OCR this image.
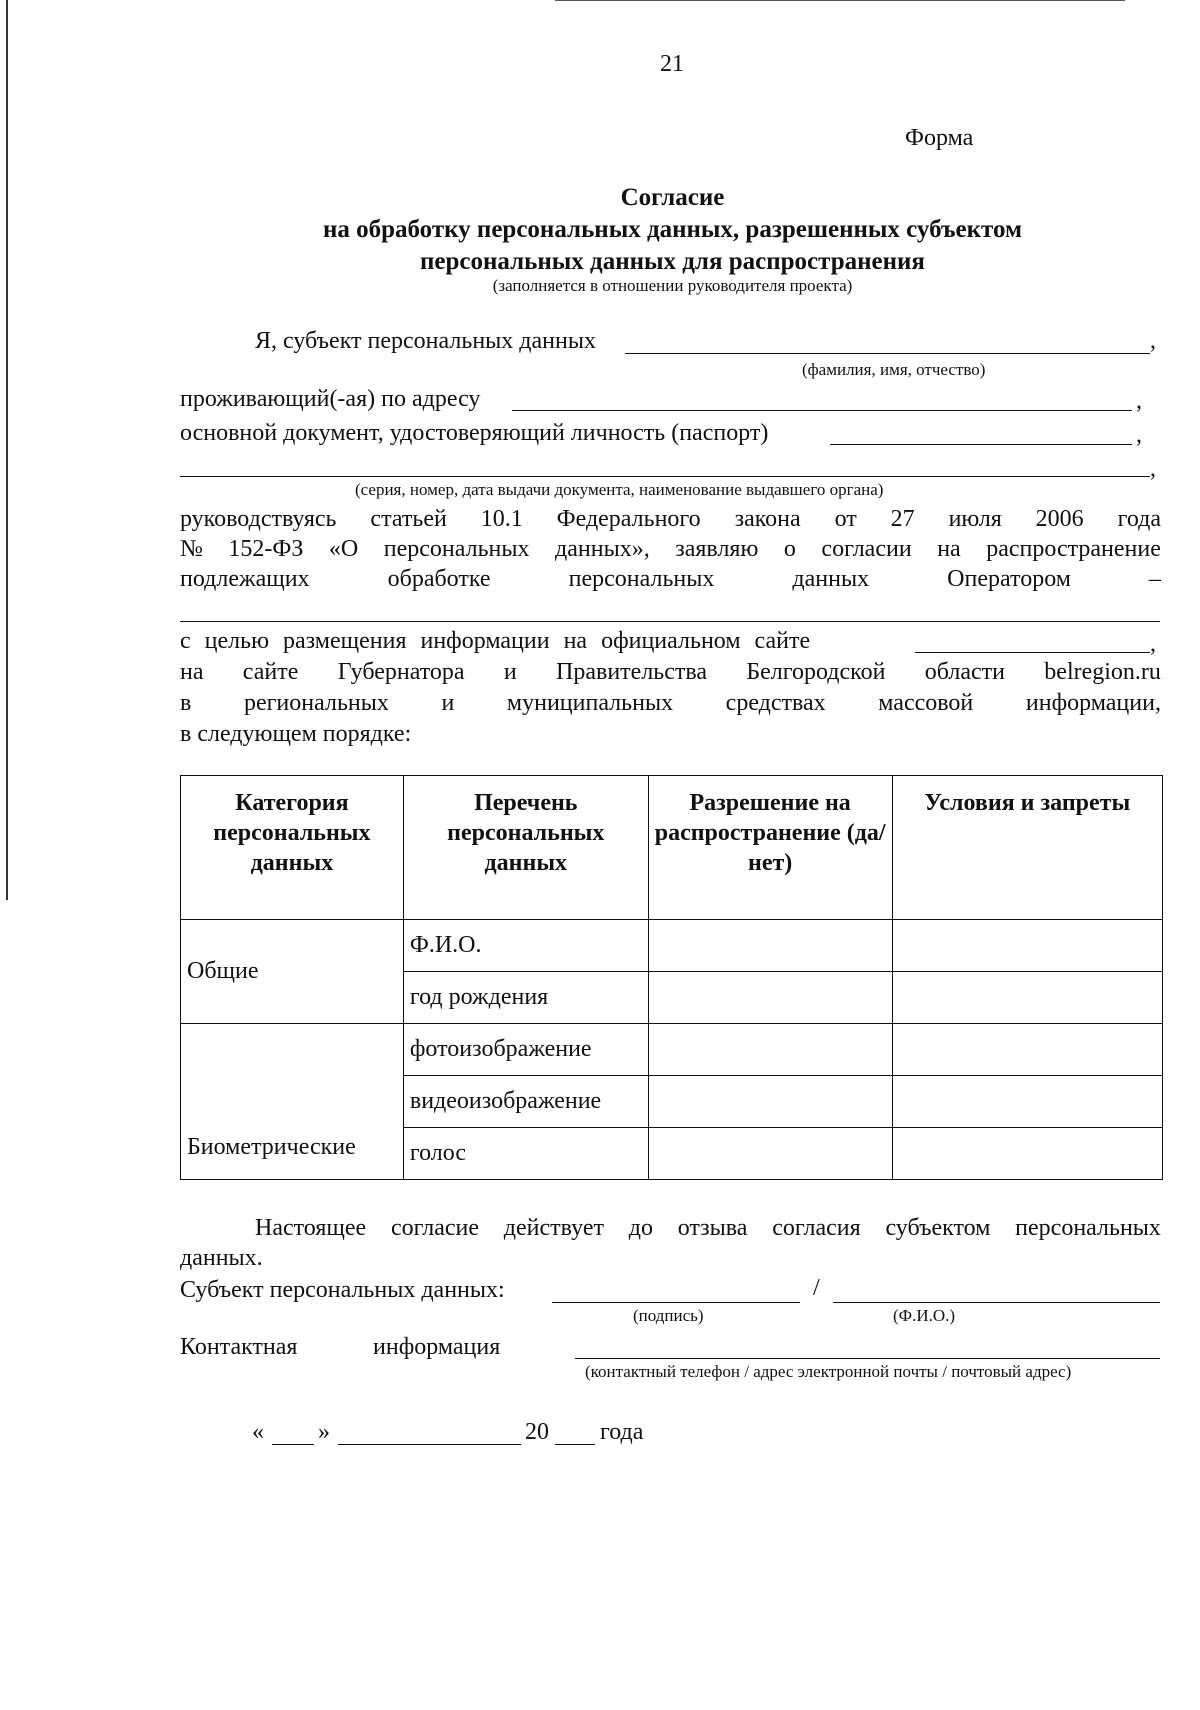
21
Форма
Согласие
на обработку персональных данных, разрешенных субъектом
персональных данных для распространения
(заполняется в отношении руководителя проекта)
Я, субъект персональных данных	,
(фамилия, имя, отчество)
проживающий(-ая) по адресу	,
основной документ, удостоверяющий личность (паспорт)	,
,
(серия, номер, дата выдачи документа, наименование выдавшего органа)
руководствуясь статьей 10.1 Федерального закона от 27 июля 2006 года
№ 152-ФЗ «О персональных данных», заявляю о согласии на распространение
подлежащих	обработке	персональных	данных	Оператором	–
с целью размещения информации на официальном сайте	,
на сайте Губернатора и Правительства Белгородской области belregion.ru
в региональных и муниципальных средствах массовой информации,
в следующем порядке:
Категория персональных данных	Перечень персональных данных	Разрешение на распространение (да/нет)	Условия и запреты
Общие	Ф.И.О.		
	год рождения		
Биометрические	фотоизображение		
	видеоизображение		
	голос		
Настоящее согласие действует до отзыва согласия субъектом персональных
данных.
Субъект персональных данных:	/
(подпись)	(Ф.И.О.)
Контактная	информация
(контактный телефон / адрес электронной почты / почтовый адрес)
« »	20 года
